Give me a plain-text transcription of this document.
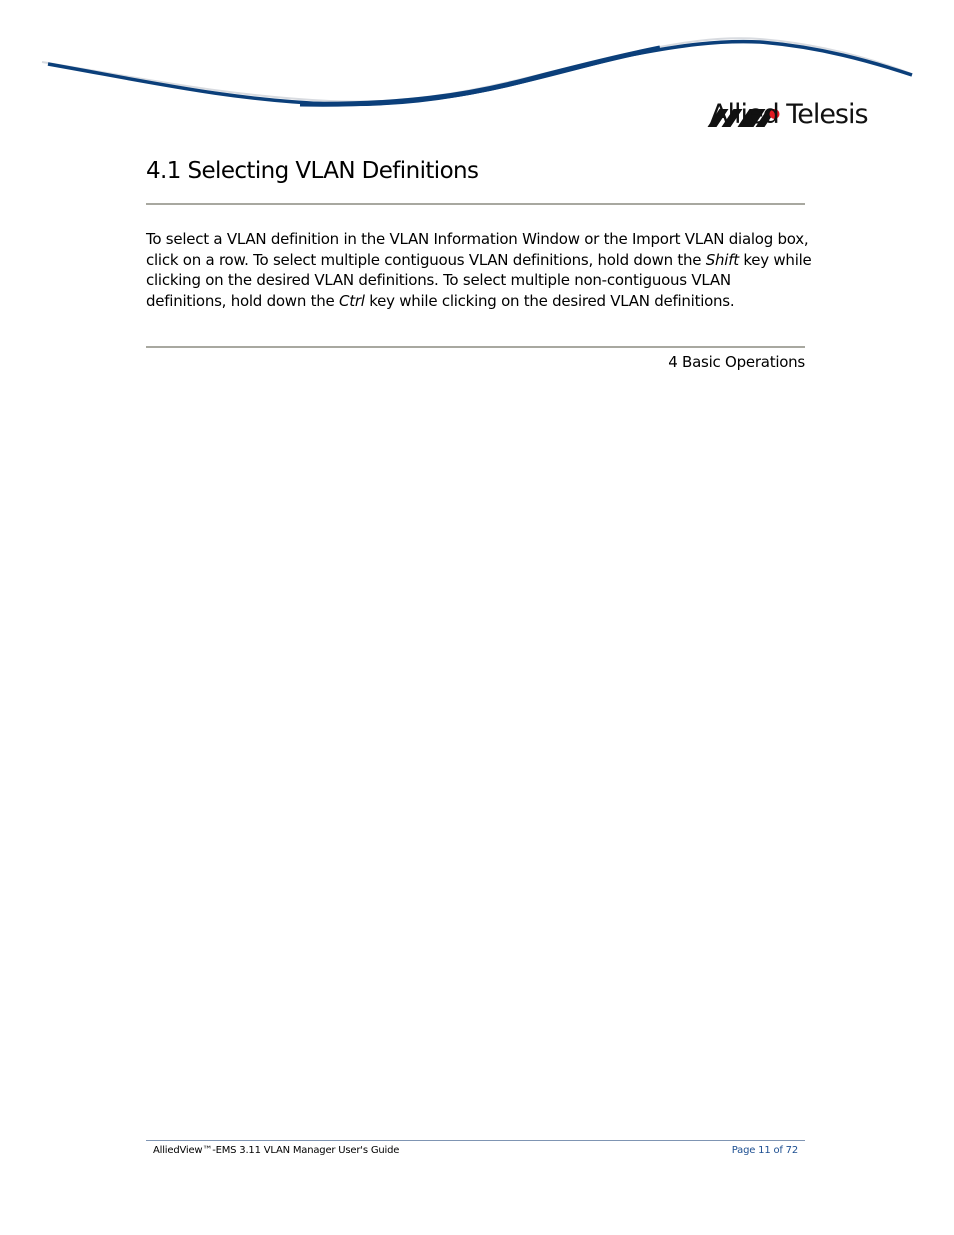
Allied Telesis
4.1 Selecting VLAN Definitions

To select a VLAN definition in the VLAN Information Window or the Import VLAN dialog box, click on a row. To select multiple contiguous VLAN definitions, hold down the Shift key while clicking on the desired VLAN definitions. To select multiple non-contiguous VLAN definitions, hold down the Ctrl key while clicking on the desired VLAN definitions.

4 Basic Operations
AlliedView™-EMS 3.11 VLAN Manager User's Guide	Page 11 of 72
